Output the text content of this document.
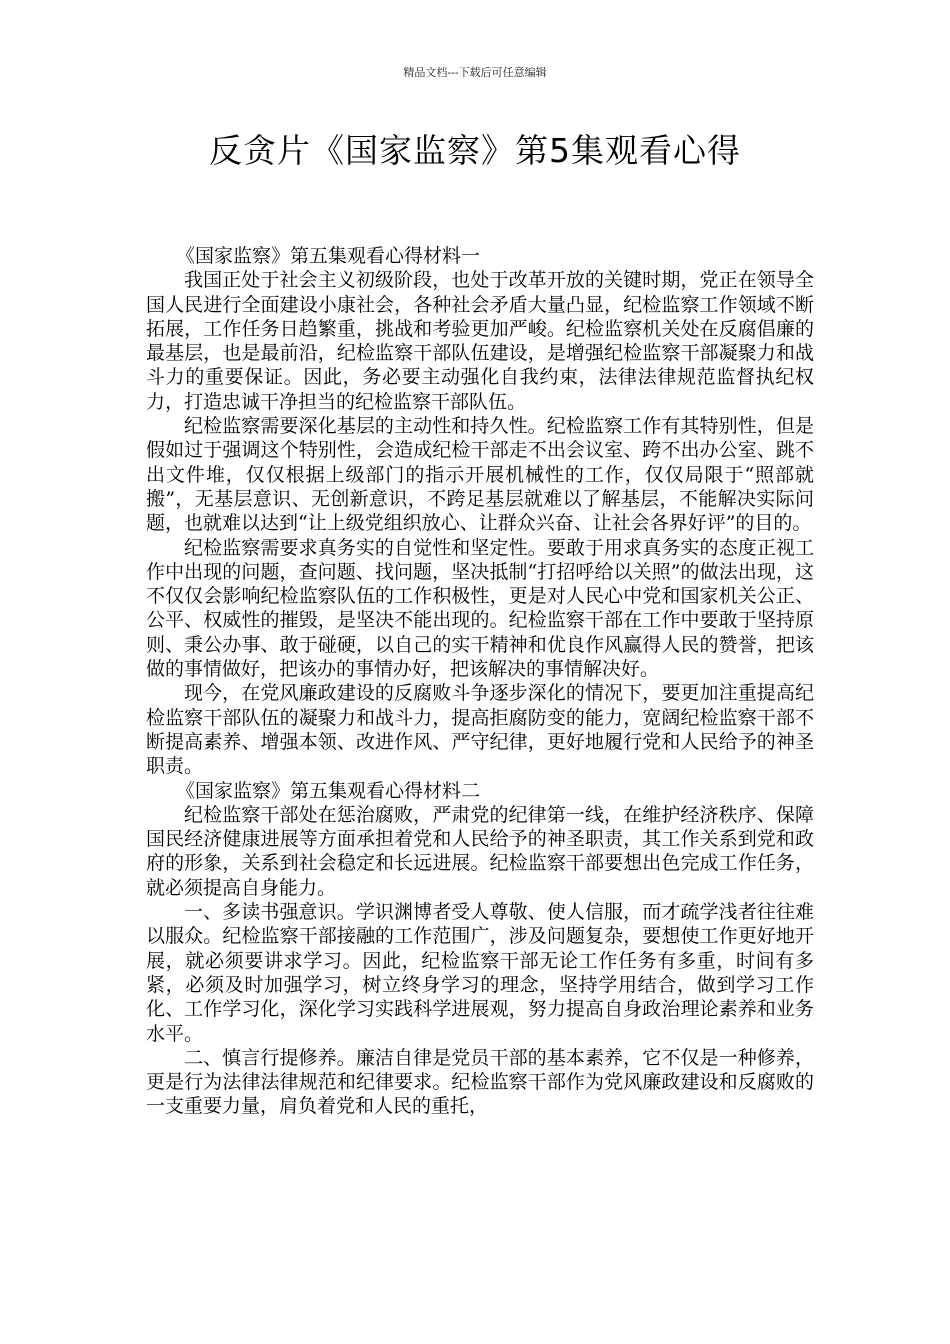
精品文档---下载后可任意编辑
反贪片《国家监察》第5集观看心得

《国家监察》第五集观看心得材料一

我国正处于社会主义初级阶段，也处于改革开放的关键时期，党正在领导全国人民进行全面建设小康社会，各种社会矛盾大量凸显，纪检监察工作领域不断拓展，工作任务日趋繁重，挑战和考验更加严峻。纪检监察机关处在反腐倡廉的最基层，也是最前沿，纪检监察干部队伍建设，是增强纪检监察干部凝聚力和战斗力的重要保证。因此，务必要主动强化自我约束，法律法律规范监督执纪权力，打造忠诚干净担当的纪检监察干部队伍。

纪检监察需要深化基层的主动性和持久性。纪检监察工作有其特别性，但是假如过于强调这个特别性，会造成纪检干部走不出会议室、跨不出办公室、跳不出文件堆，仅仅根据上级部门的指示开展机械性的工作，仅仅局限于“照部就搬”，无基层意识、无创新意识，不跨足基层就难以了解基层，不能解决实际问题，也就难以达到“让上级党组织放心、让群众兴奋、让社会各界好评”的目的。

纪检监察需要求真务实的自觉性和坚定性。要敢于用求真务实的态度正视工作中出现的问题，查问题、找问题，坚决抵制“打招呼给以关照”的做法出现，这不仅仅会影响纪检监察队伍的工作积极性，更是对人民心中党和国家机关公正、公平、权威性的摧毁，是坚决不能出现的。纪检监察干部在工作中要敢于坚持原则、秉公办事、敢于碰硬，以自己的实干精神和优良作风赢得人民的赞誉，把该做的事情做好，把该办的事情办好，把该解决的事情解决好。

现今，在党风廉政建设的反腐败斗争逐步深化的情况下，要更加注重提高纪检监察干部队伍的凝聚力和战斗力，提高拒腐防变的能力，宽阔纪检监察干部不断提高素养、增强本领、改进作风、严守纪律，更好地履行党和人民给予的神圣职责。

《国家监察》第五集观看心得材料二

纪检监察干部处在惩治腐败，严肃党的纪律第一线，在维护经济秩序、保障国民经济健康进展等方面承担着党和人民给予的神圣职责，其工作关系到党和政府的形象，关系到社会稳定和长远进展。纪检监察干部要想出色完成工作任务，就必须提高自身能力。

一、多读书强意识。学识渊博者受人尊敬、使人信服，而才疏学浅者往往难以服众。纪检监察干部接融的工作范围广，涉及问题复杂，要想使工作更好地开展，就必须要讲求学习。因此，纪检监察干部无论工作任务有多重，时间有多紧，必须及时加强学习，树立终身学习的理念，坚持学用结合，做到学习工作化、工作学习化，深化学习实践科学进展观，努力提高自身政治理论素养和业务水平。

二、慎言行提修养。廉洁自律是党员干部的基本素养，它不仅是一种修养，更是行为法律法律规范和纪律要求。纪检监察干部作为党风廉政建设和反腐败的一支重要力量，肩负着党和人民的重托，
